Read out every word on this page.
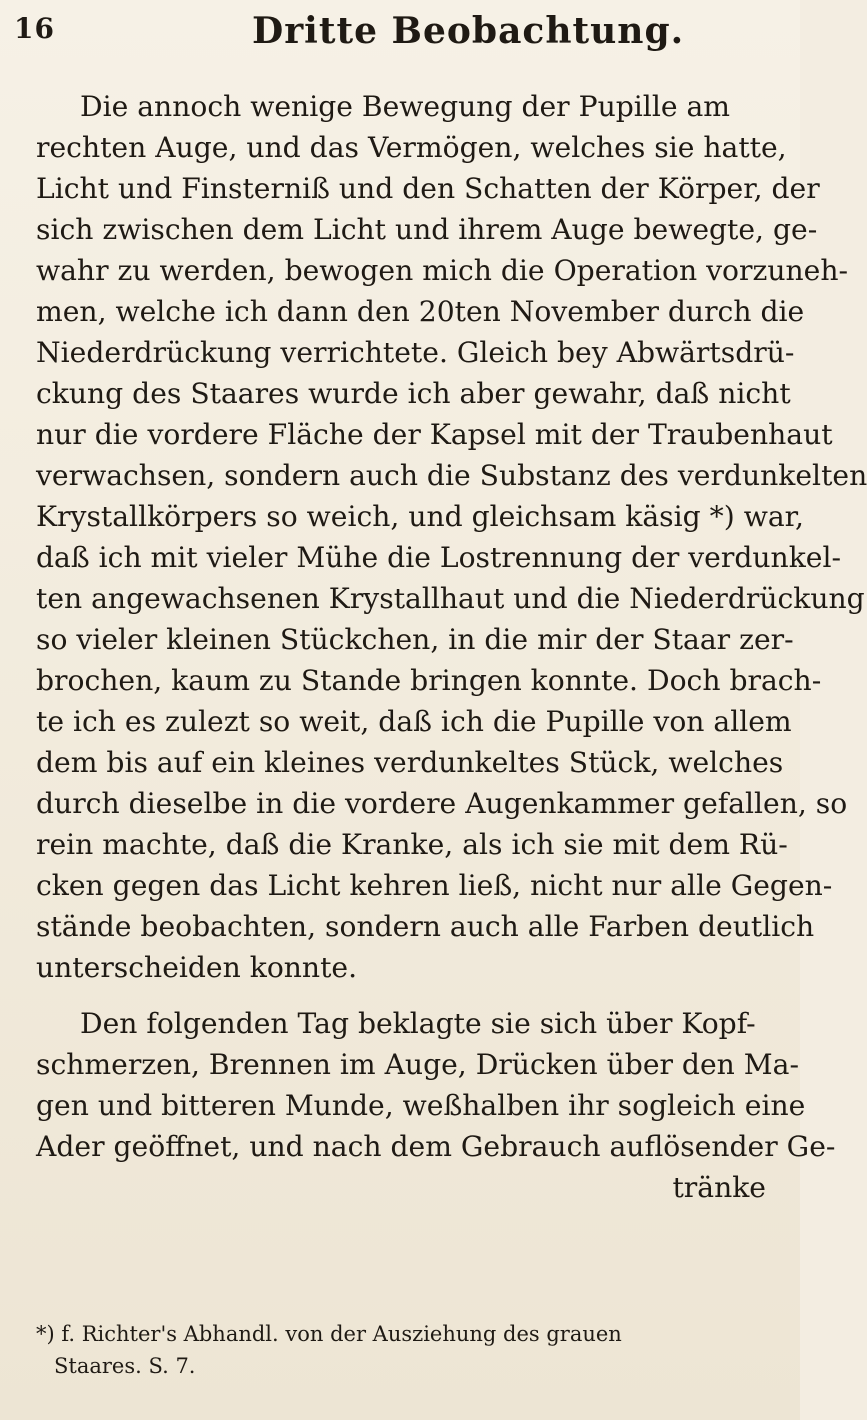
16	Dritte Beobachtung.
Die annoch wenige Bewegung der Pupille am
rechten Auge, und das Vermögen, welches sie hatte,
Licht und Finsterniß und den Schatten der Körper, der
sich zwischen dem Licht und ihrem Auge bewegte, ge-
wahr zu werden, bewogen mich die Operation vorzuneh-
men, welche ich dann den 20ten November durch die
Niederdrückung verrichtete. Gleich bey Abwärtsdrü-
ckung des Staares wurde ich aber gewahr, daß nicht
nur die vordere Fläche der Kapsel mit der Traubenhaut
verwachsen, sondern auch die Substanz des verdunkelten
Krystallkörpers so weich, und gleichsam käsig *) war,
daß ich mit vieler Mühe die Lostrennung der verdunkel-
ten angewachsenen Krystallhaut und die Niederdrückung
so vieler kleinen Stückchen, in die mir der Staar zer-
brochen, kaum zu Stande bringen konnte. Doch brach-
te ich es zulezt so weit, daß ich die Pupille von allem
dem bis auf ein kleines verdunkeltes Stück, welches
durch dieselbe in die vordere Augenkammer gefallen, so
rein machte, daß die Kranke, als ich sie mit dem Rü-
cken gegen das Licht kehren ließ, nicht nur alle Gegen-
stände beobachten, sondern auch alle Farben deutlich
unterscheiden konnte.
Den folgenden Tag beklagte sie sich über Kopf-
schmerzen, Brennen im Auge, Drücken über den Ma-
gen und bitteren Munde, weßhalben ihr sogleich eine
Ader geöffnet, und nach dem Gebrauch auflösender Ge-
tränke
*) f. Richter's Abhandl. von der Ausziehung des grauen
Staares. S. 7.
